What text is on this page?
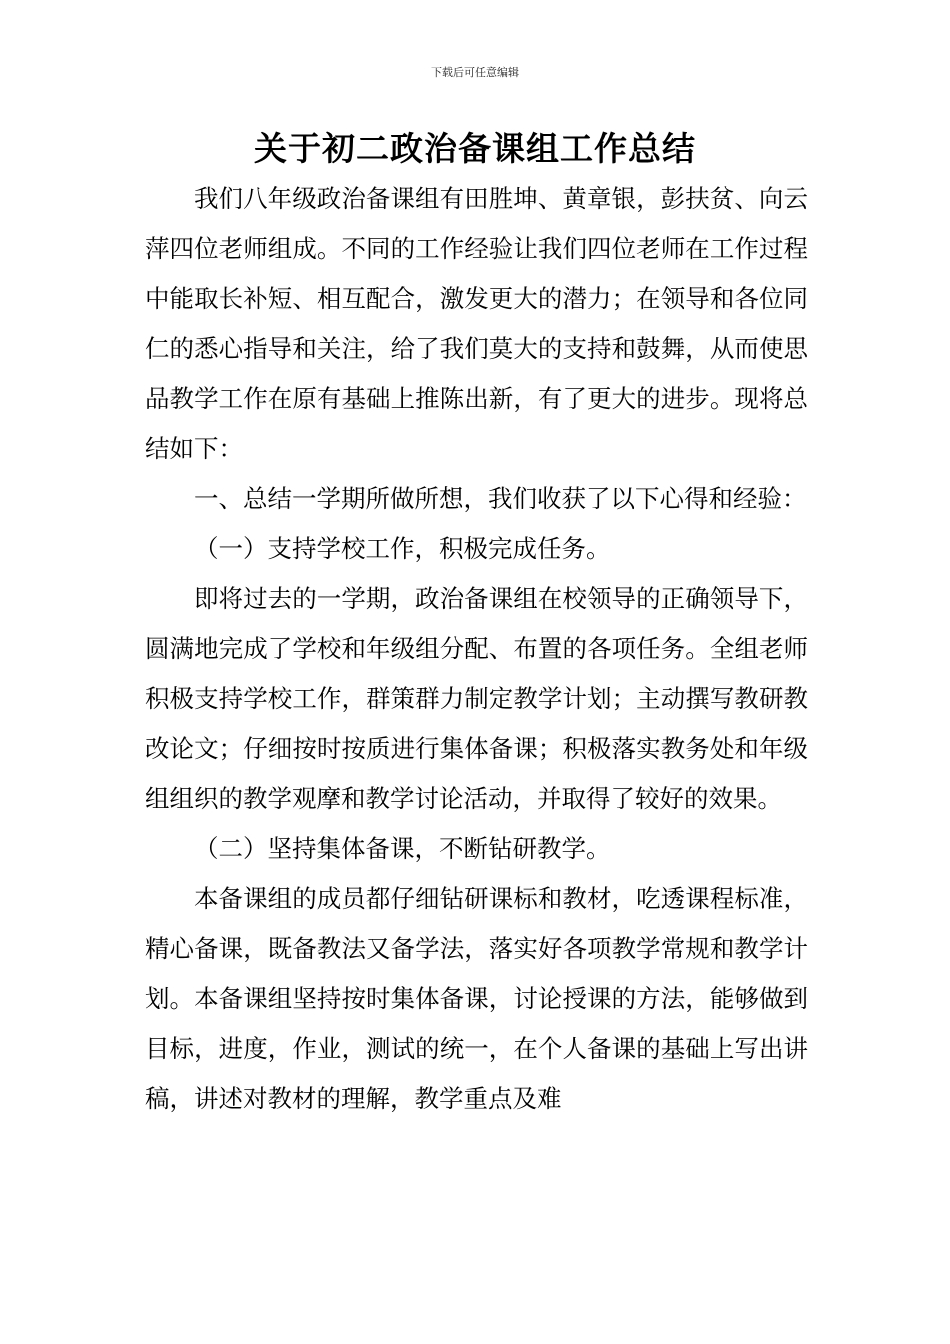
下载后可任意编辑
关于初二政治备课组工作总结

我们八年级政治备课组有田胜坤、黄章银，彭扶贫、向云萍四位老师组成。不同的工作经验让我们四位老师在工作过程中能取长补短、相互配合，激发更大的潜力；在领导和各位同仁的悉心指导和关注，给了我们莫大的支持和鼓舞，从而使思品教学工作在原有基础上推陈出新，有了更大的进步。现将总结如下：

一、总结一学期所做所想，我们收获了以下心得和经验：

（一）支持学校工作，积极完成任务。

即将过去的一学期，政治备课组在校领导的正确领导下，圆满地完成了学校和年级组分配、布置的各项任务。全组老师积极支持学校工作，群策群力制定教学计划；主动撰写教研教改论文；仔细按时按质进行集体备课；积极落实教务处和年级组组织的教学观摩和教学讨论活动，并取得了较好的效果。

（二）坚持集体备课，不断钻研教学。

本备课组的成员都仔细钻研课标和教材，吃透课程标准，精心备课，既备教法又备学法，落实好各项教学常规和教学计划。本备课组坚持按时集体备课，讨论授课的方法，能够做到目标，进度，作业，测试的统一，在个人备课的基础上写出讲稿，讲述对教材的理解，教学重点及难
